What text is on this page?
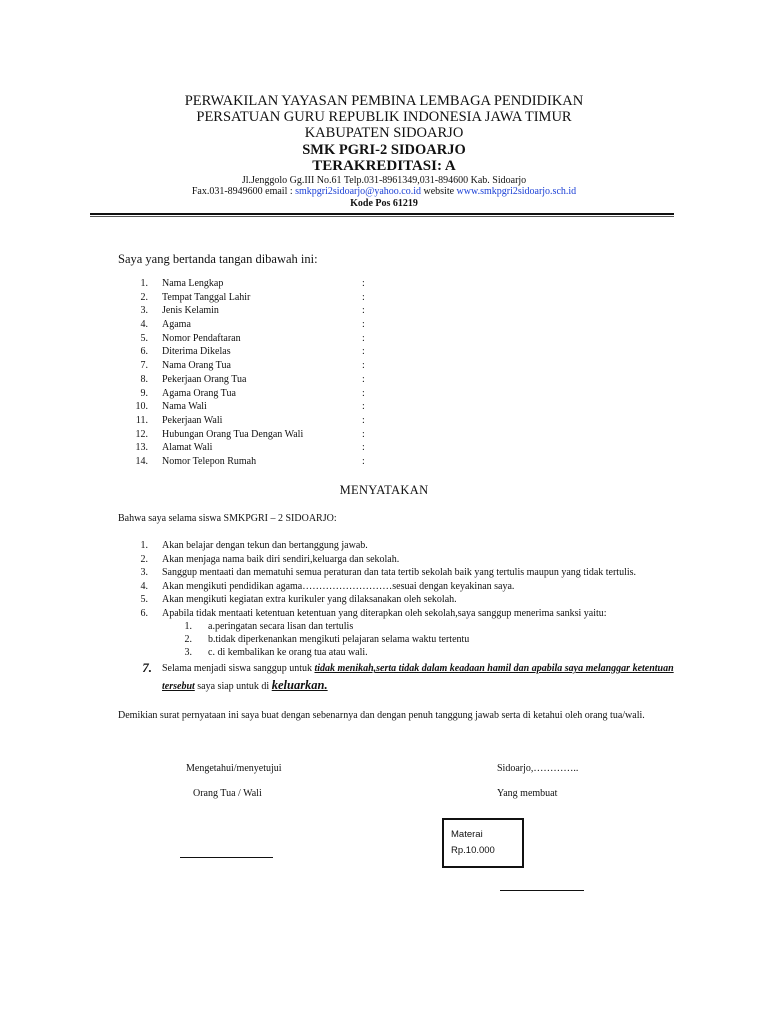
PERWAKILAN YAYASAN PEMBINA LEMBAGA PENDIDIKAN
PERSATUAN GURU REPUBLIK INDONESIA JAWA TIMUR
KABUPATEN SIDOARJO
SMK PGRI-2 SIDOARJO
TERAKREDITASI: A
Jl.Jenggolo Gg.III No.61 Telp.031-8961349,031-894600 Kab. Sidoarjo
Fax.031-8949600 email : smkpgri2sidoarjo@yahoo.co.id website www.smkpgri2sidoarjo.sch.id
Kode Pos 61219
Saya yang bertanda tangan dibawah ini:
1.	Nama Lengkap	:
2.	Tempat Tanggal Lahir	:
3.	Jenis Kelamin	:
4.	Agama	:
5.	Nomor Pendaftaran	:
6.	Diterima Dikelas	:
7.	Nama Orang Tua	:
8.	Pekerjaan Orang Tua	:
9.	Agama Orang Tua	:
10.	Nama Wali	:
11.	Pekerjaan Wali	:
12.	Hubungan Orang Tua Dengan Wali	:
13.	Alamat Wali	:
14.	Nomor Telepon Rumah	:
MENYATAKAN
Bahwa saya selama siswa SMKPGRI – 2 SIDOARJO:
1.	Akan belajar dengan tekun dan bertanggung jawab.
2.	Akan menjaga nama baik diri sendiri,keluarga dan sekolah.
3.	Sanggup mentaati dan mematuhi semua peraturan dan tata tertib sekolah baik yang tertulis maupun yang tidak tertulis.
4.	Akan mengikuti pendidikan agama………………………sesuai dengan keyakinan saya.
5.	Akan mengikuti kegiatan extra kurikuler yang dilaksanakan oleh sekolah.
6.	Apabila tidak mentaati ketentuan ketentuan yang diterapkan oleh sekolah,saya sanggup menerima sanksi yaitu:
1.	a.peringatan secara lisan dan tertulis
2.	b.tidak diperkenankan mengikuti pelajaran selama waktu tertentu
3.	c. di kembalikan ke orang tua atau wali.
7.	Selama menjadi siswa sanggup untuk tidak menikah,serta tidak dalam keadaan hamil dan apabila saya melanggar ketentuan
tersebut saya siap untuk di keluarkan.
Demikian surat pernyataan ini saya buat dengan sebenarnya dan dengan penuh tanggung jawab serta di ketahui oleh orang tua/wali.
Mengetahui/menyetujui
Orang Tua / Wali
Sidoarjo,…………..
Yang membuat
Materai
Rp.10.000
